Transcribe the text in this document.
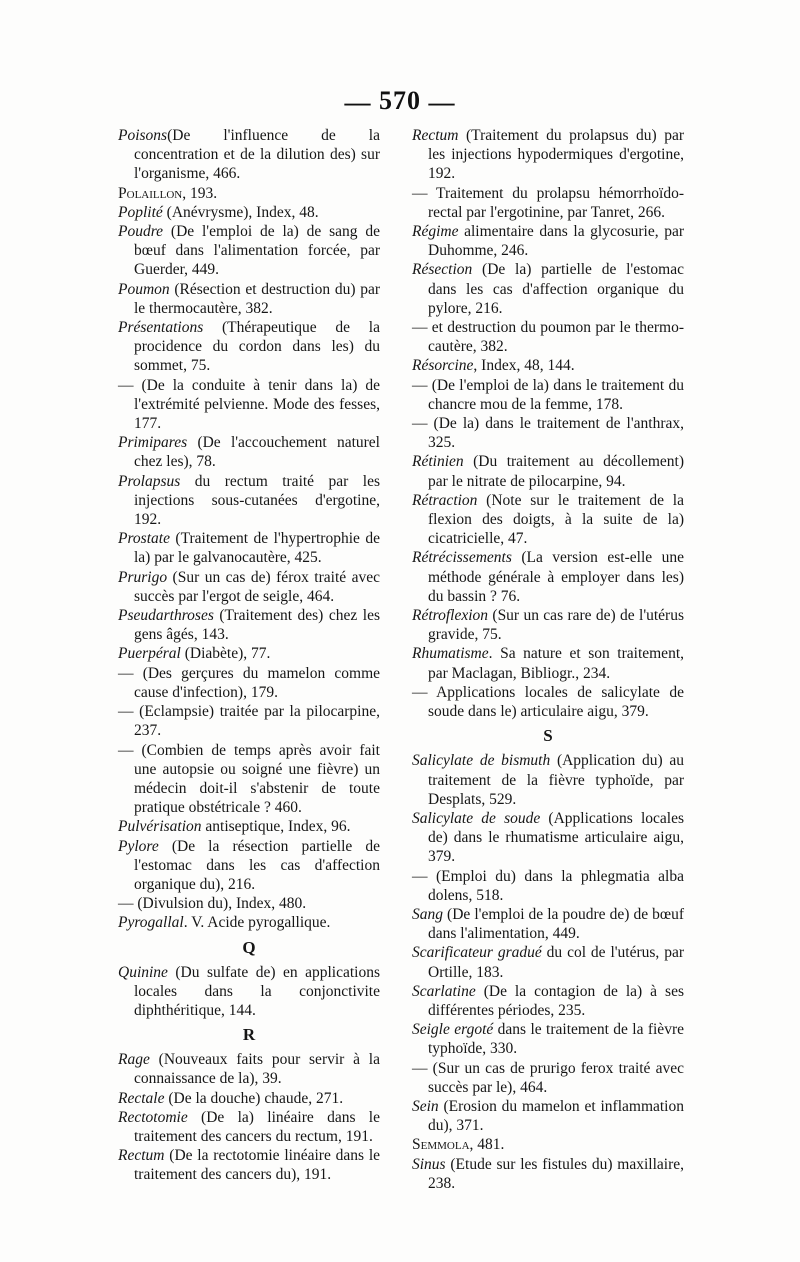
— 570 —

Poisons(De l'influence de la concentration et de la dilution des) sur l'organisme, 466.

Polaillon, 193.

Poplité (Anévrysme), Index, 48.

Poudre (De l'emploi de la) de sang de bœuf dans l'alimentation forcée, par Guerder, 449.

Poumon (Résection et destruction du) par le thermocautère, 382.

Présentations (Thérapeutique de la procidence du cordon dans les) du sommet, 75.

— (De la conduite à tenir dans la) de l'extrémité pelvienne. Mode des fesses, 177.

Primipares (De l'accouchement naturel chez les), 78.

Prolapsus du rectum traité par les injections sous-cutanées d'ergotine, 192.

Prostate (Traitement de l'hypertrophie de la) par le galvanocautère, 425.

Prurigo (Sur un cas de) férox traité avec succès par l'ergot de seigle, 464.

Pseudarthroses (Traitement des) chez les gens âgés, 143.

Puerpéral (Diabète), 77.

— (Des gerçures du mamelon comme cause d'infection), 179.

— (Eclampsie) traitée par la pilocarpine, 237.

— (Combien de temps après avoir fait une autopsie ou soigné une fièvre) un médecin doit-il s'abstenir de toute pratique obstétricale ? 460.

Pulvérisation antiseptique, Index, 96.

Pylore (De la résection partielle de l'estomac dans les cas d'affection organique du), 216.

— (Divulsion du), Index, 480.

Pyrogallal. V. Acide pyrogallique.

Q

Quinine (Du sulfate de) en applications locales dans la conjonctivite diphthéritique, 144.

R

Rage (Nouveaux faits pour servir à la connaissance de la), 39.

Rectale (De la douche) chaude, 271.

Rectotomie (De la) linéaire dans le traitement des cancers du rectum, 191.

Rectum (De la rectotomie linéaire dans le traitement des cancers du), 191.

Rectum (Traitement du prolapsus du) par les injections hypodermiques d'ergotine, 192.

— Traitement du prolapsu hémorrhoïdo-rectal par l'ergotinine, par Tanret, 266.

Régime alimentaire dans la glycosurie, par Duhomme, 246.

Résection (De la) partielle de l'estomac dans les cas d'affection organique du pylore, 216.

— et destruction du poumon par le thermo-cautère, 382.

Résorcine, Index, 48, 144.

— (De l'emploi de la) dans le traitement du chancre mou de la femme, 178.

— (De la) dans le traitement de l'anthrax, 325.

Rétinien (Du traitement au décollement) par le nitrate de pilocarpine, 94.

Rétraction (Note sur le traitement de la flexion des doigts, à la suite de la) cicatricielle, 47.

Rétrécissements (La version est-elle une méthode générale à employer dans les) du bassin ? 76.

Rétroflexion (Sur un cas rare de) de l'utérus gravide, 75.

Rhumatisme. Sa nature et son traitement, par Maclagan, Bibliogr., 234.

— Applications locales de salicylate de soude dans le) articulaire aigu, 379.

S

Salicylate de bismuth (Application du) au traitement de la fièvre typhoïde, par Desplats, 529.

Salicylate de soude (Applications locales de) dans le rhumatisme articulaire aigu, 379.

— (Emploi du) dans la phlegmatia alba dolens, 518.

Sang (De l'emploi de la poudre de) de bœuf dans l'alimentation, 449.

Scarificateur gradué du col de l'utérus, par Ortille, 183.

Scarlatine (De la contagion de la) à ses différentes périodes, 235.

Seigle ergoté dans le traitement de la fièvre typhoïde, 330.

— (Sur un cas de prurigo ferox traité avec succès par le), 464.

Sein (Erosion du mamelon et inflammation du), 371.

Semmola, 481.

Sinus (Etude sur les fistules du) maxillaire, 238.
